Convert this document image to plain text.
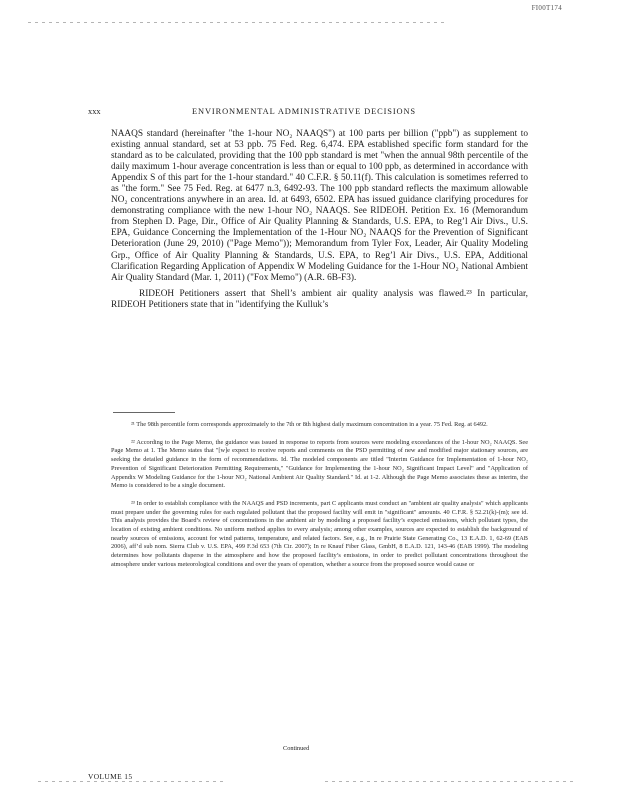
FI00T174
xxx	ENVIRONMENTAL ADMINISTRATIVE DECISIONS

NAAQS standard (hereinafter "the 1-hour NO₂ NAAQS") at 100 parts per billion ("ppb") as supplement to existing annual standard, set at 53 ppb. 75 Fed. Reg. 6,474. EPA established specific form standard for the standard as to be calculated, providing that the 100 ppb standard is met "when the annual 98th percentile of the daily maximum 1-hour average concentration is less than or equal to 100 ppb, as determined in accordance with Appendix S of this part for the 1-hour standard." 40 C.F.R. § 50.11(f). This calculation is sometimes referred to as "the form." See 75 Fed. Reg. at 6477 n.3, 6492-93. The 100 ppb standard reflects the maximum allowable NO₂ concentrations anywhere in an area. Id. at 6493, 6502. EPA has issued guidance clarifying procedures for demonstrating compliance with the new 1-hour NO₂ NAAQS. See RIDEOH. Petition Ex. 16 (Memorandum from Stephen D. Page, Dir., Office of Air Quality Planning & Standards, U.S. EPA, to Reg’l Air Divs., U.S. EPA, Guidance Concerning the Implementation of the 1-Hour NO₂ NAAQS for the Prevention of Significant Deterioration (June 29, 2010) ("Page Memo")); Memorandum from Tyler Fox, Leader, Air Quality Modeling Grp., Office of Air Quality Planning & Standards, U.S. EPA, to Reg’l Air Divs., U.S. EPA, Additional Clarification Regarding Application of Appendix W Modeling Guidance for the 1-Hour NO₂ National Ambient Air Quality Standard (Mar. 1, 2011) ("Fox Memo") (A.R. 6B-F3).

RIDEOH Petitioners assert that Shell’s ambient air quality analysis was flawed.²³ In particular, RIDEOH Petitioners state that in "identifying the Kulluk’s

²¹ The 98th percentile form corresponds approximately to the 7th or 8th highest daily maximum concentration in a year. 75 Fed. Reg. at 6492.

²² According to the Page Memo, the guidance was issued in response to reports from sources were modeling exceedances of the 1-hour NO₂ NAAQS. See Page Memo at 1. The Memo states that "[w]e expect to receive reports and comments on the PSD permitting of new and modified major stationary sources, are seeking the detailed guidance in the form of recommendations. Id. The modeled components are titled "Interim Guidance for Implementation of 1-hour NO₂ Prevention of Significant Deterioration Permitting Requirements," "Guidance for Implementing the 1-hour NO₂ Significant Impact Level" and "Application of Appendix W Modeling Guidance for the 1-hour NO₂ National Ambient Air Quality Standard." Id. at 1-2. Although the Page Memo associates these as interim, the Memo is considered to be a single document.

²³ In order to establish compliance with the NAAQS and PSD increments, part C applicants must conduct an "ambient air quality analysis" which applicants must prepare under the governing rules for each regulated pollutant that the proposed facility will emit in "significant" amounts. 40 C.F.R. § 52.21(k)-(m); see id. This analysis provides the Board’s review of concentrations in the ambient air by modeling a proposed facility’s expected emissions, which pollutant types, the location of existing ambient conditions. No uniform method applies to every analysis; among other examples, sources are expected to establish the background of nearby sources of emissions, account for wind patterns, temperature, and related factors. See, e.g., In re Prairie State Generating Co., 13 E.A.D. 1, 62-69 (EAB 2006), aff’d sub nom. Sierra Club v. U.S. EPA, 499 F.3d 653 (7th Cir. 2007); In re Knauf Fiber Glass, GmbH, 8 E.A.D. 121, 143-46 (EAB 1999). The modeling determines how pollutants disperse in the atmosphere and how the proposed facility’s emissions, in order to predict pollutant concentrations throughout the atmosphere under various meteorological conditions and over the years of operation, whether a source from the proposed source would cause or

Continued
VOLUME 15
